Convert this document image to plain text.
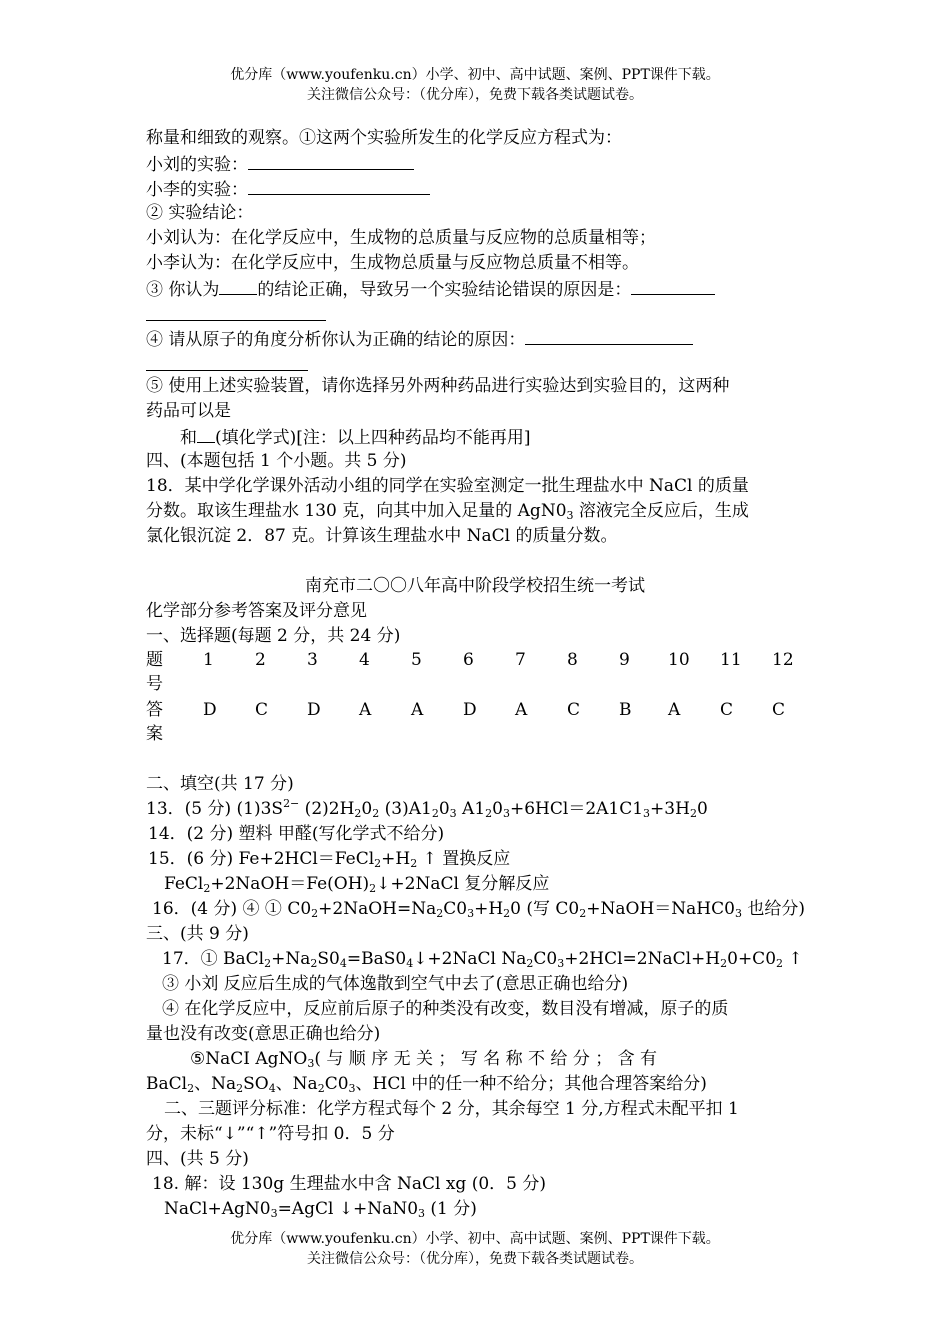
优分库（www.youfenku.cn）小学、初中、高中试题、案例、PPT课件下载。
关注微信公众号：（优分库），免费下载各类试题试卷。
称量和细致的观察。①这两个实验所发生的化学反应方程式为：
小刘的实验：
小李的实验：
② 实验结论：
小刘认为：在化学反应中，生成物的总质量与反应物的总质量相等；
小李认为：在化学反应中，生成物总质量与反应物总质量不相等。
③ 你认为 的结论正确，导致另一个实验结论错误的原因是：
④ 请从原子的角度分析你认为正确的结论的原因：
⑤ 使用上述实验装置，请你选择另外两种药品进行实验达到实验目的，这两种
药品可以是
和 (填化学式)[注：以上四种药品均不能再用]
四、(本题包括 1 个小题。共 5 分)
18．某中学化学课外活动小组的同学在实验室测定一批生理盐水中 NaCl 的质量
分数。取该生理盐水 130 克，向其中加入足量的 $AgN0_3$ 溶液完全反应后，生成
氯化银沉淀 2．87 克。计算该生理盐水中 NaCl 的质量分数。
南充市二〇〇八年高中阶段学校招生统一考试
化学部分参考答案及评分意见
一、选择题(每题 2 分，共 24 分)
题
号
答
案
1 2 3 4 5 6 7 8 9 10 11 12
D C D A A D A C B A C C
二、填空(共 17 分)
13．(5 分) $(1)3S^{2-}$ $(2)2H_20_2$ $(3)A1_20_3$ $A1_20_3+6HCl=2A1C1_3+3H_20$
14．(2 分) 塑料 甲醛(写化学式不给分)
15．(6 分) $Fe+2HCl=FeCl_2+H_2$ ↑ 置换反应
$FeCl_2+2NaOH=Fe(OH)_2↓+2NaCl$ 复分解反应
16．(4 分) ④ ① $C0_2+2NaOH=Na_2C0_3+H_20$ (写 $C0_2+NaOH=NaHC0_3$ 也给分)
三、(共 9 分)
17．① $BaCl_2+Na_2S0_4=BaS0_4↓+2NaCl$ $Na_2C0_3+2HCl=2NaCl+H_20+C0_2$ ↑
③ 小刘 反应后生成的气体逸散到空气中去了(意思正确也给分)
④ 在化学反应中，反应前后原子的种类没有改变，数目没有增减，原子的质
量也没有改变(意思正确也给分)
⑤NaCI AgNO$_3$( 与 顺 序 无 关 ； 写 名 称 不 给 分 ； 含 有
BaCl$_2$、$Na_2SO_4$、$Na_2C0_3$、HCl 中的任一种不给分；其他合理答案给分)
二、三题评分标准：化学方程式每个 2 分，其余每空 1 分,方程式未配平扣 1
分，未标“↓”“↑”符号扣 0．5 分
四、(共 5 分)
18. 解：设 130g 生理盐水中含 NaCl xg (0．5 分)
$NaCl+AgN0_3=AgCl$ $↓+NaN0_3$ (1 分)
优分库（www.youfenku.cn）小学、初中、高中试题、案例、PPT课件下载。
关注微信公众号：（优分库），免费下载各类试题试卷。
